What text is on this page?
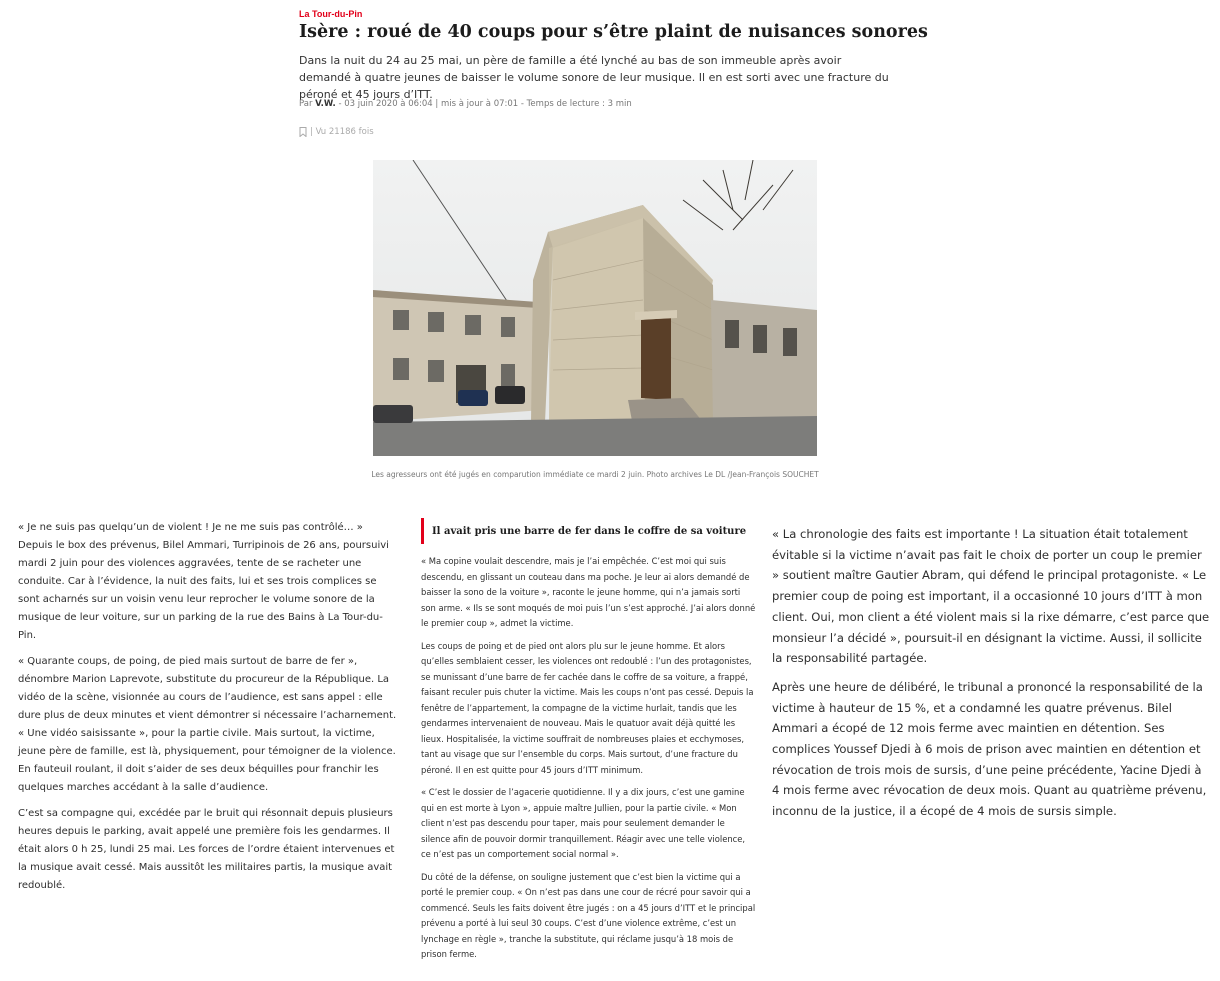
La Tour-du-Pin
Isère : roué de 40 coups pour s’être plaint de nuisances sonores

Dans la nuit du 24 au 25 mai, un père de famille a été lynché au bas de son immeuble après avoir demandé à quatre jeunes de baisser le volume sonore de leur musique. Il en est sorti avec une fracture du péroné et 45 jours d’ITT.

Par V.W. - 03 juin 2020 à 06:04 | mis à jour à 07:01 - Temps de lecture : 3 min
| Vu 21186 fois
Les agresseurs ont été jugés en comparution immédiate ce mardi 2 juin. Photo archives Le DL /Jean-François SOUCHET

« Je ne suis pas quelqu’un de violent ! Je ne me suis pas contrôlé… » Depuis le box des prévenus, Bilel Ammari, Turripinois de 26 ans, poursuivi mardi 2 juin pour des violences aggravées, tente de se racheter une conduite. Car à l’évidence, la nuit des faits, lui et ses trois complices se sont acharnés sur un voisin venu leur reprocher le volume sonore de la musique de leur voiture, sur un parking de la rue des Bains à La Tour-du-Pin.

« Quarante coups, de poing, de pied mais surtout de barre de fer », dénombre Marion Laprevote, substitute du procureur de la République. La vidéo de la scène, visionnée au cours de l’audience, est sans appel : elle dure plus de deux minutes et vient démontrer si nécessaire l’acharnement. « Une vidéo saisissante », pour la partie civile. Mais surtout, la victime, jeune père de famille, est là, physiquement, pour témoigner de la violence. En fauteuil roulant, il doit s’aider de ses deux béquilles pour franchir les quelques marches accédant à la salle d’audience.

C’est sa compagne qui, excédée par le bruit qui résonnait depuis plusieurs heures depuis le parking, avait appelé une première fois les gendarmes. Il était alors 0 h 25, lundi 25 mai. Les forces de l’ordre étaient intervenues et la musique avait cessé. Mais aussitôt les militaires partis, la musique avait redoublé.

Il avait pris une barre de fer dans le coffre de sa voiture

« Ma copine voulait descendre, mais je l’ai empêchée. C’est moi qui suis descendu, en glissant un couteau dans ma poche. Je leur ai alors demandé de baisser la sono de la voiture », raconte le jeune homme, qui n’a jamais sorti son arme. « Ils se sont moqués de moi puis l’un s’est approché. J’ai alors donné le premier coup », admet la victime.

Les coups de poing et de pied ont alors plu sur le jeune homme. Et alors qu’elles semblaient cesser, les violences ont redoublé : l’un des protagonistes, se munissant d’une barre de fer cachée dans le coffre de sa voiture, a frappé, faisant reculer puis chuter la victime. Mais les coups n’ont pas cessé. Depuis la fenêtre de l’appartement, la compagne de la victime hurlait, tandis que les gendarmes intervenaient de nouveau. Mais le quatuor avait déjà quitté les lieux. Hospitalisée, la victime souffrait de nombreuses plaies et ecchymoses, tant au visage que sur l’ensemble du corps. Mais surtout, d’une fracture du péroné. Il en est quitte pour 45 jours d’ITT minimum.

« C’est le dossier de l’agacerie quotidienne. Il y a dix jours, c’est une gamine qui en est morte à Lyon », appuie maître Jullien, pour la partie civile. « Mon client n’est pas descendu pour taper, mais pour seulement demander le silence afin de pouvoir dormir tranquillement. Réagir avec une telle violence, ce n’est pas un comportement social normal ».

Du côté de la défense, on souligne justement que c’est bien la victime qui a porté le premier coup. « On n’est pas dans une cour de récré pour savoir qui a commencé. Seuls les faits doivent être jugés : on a 45 jours d’ITT et le principal prévenu a porté à lui seul 30 coups. C’est d’une violence extrême, c’est un lynchage en règle », tranche la substitute, qui réclame jusqu’à 18 mois de prison ferme.

« La chronologie des faits est importante ! La situation était totalement évitable si la victime n’avait pas fait le choix de porter un coup le premier » soutient maître Gautier Abram, qui défend le principal protagoniste. « Le premier coup de poing est important, il a occasionné 10 jours d’ITT à mon client. Oui, mon client a été violent mais si la rixe démarre, c’est parce que monsieur l’a décidé », poursuit-il en désignant la victime. Aussi, il sollicite la responsabilité partagée.

Après une heure de délibéré, le tribunal a prononcé la responsabilité de la victime à hauteur de 15 %, et a condamné les quatre prévenus. Bilel Ammari a écopé de 12 mois ferme avec maintien en détention. Ses complices Youssef Djedi à 6 mois de prison avec maintien en détention et révocation de trois mois de sursis, d’une peine précédente, Yacine Djedi à 4 mois ferme avec révocation de deux mois. Quant au quatrième prévenu, inconnu de la justice, il a écopé de 4 mois de sursis simple.
